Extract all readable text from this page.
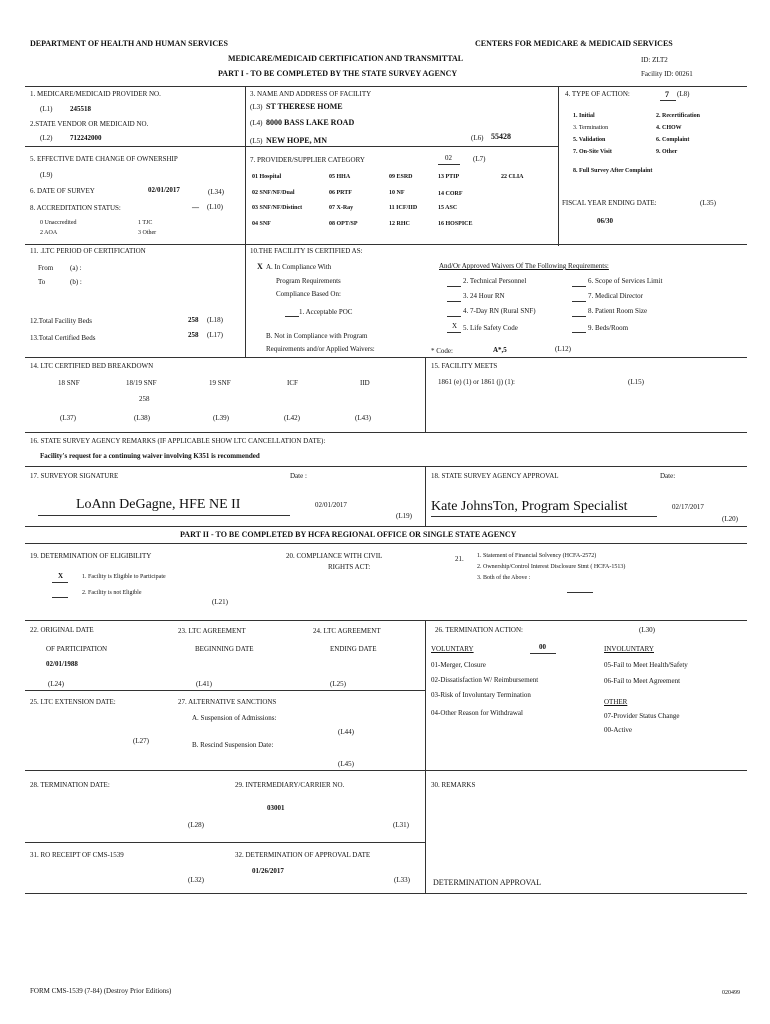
DEPARTMENT OF HEALTH AND HUMAN SERVICES	CENTERS FOR MEDICARE & MEDICAID SERVICES
MEDICARE/MEDICAID CERTIFICATION AND TRANSMITTAL
PART I - TO BE COMPLETED BY THE STATE SURVEY AGENCY
ID: ZLT2
Facility ID: 00261
1. MEDICARE/MEDICAID PROVIDER NO.
(L1)	245518
2.STATE VENDOR OR MEDICAID NO.
(L2)	712242000
3. NAME AND ADDRESS OF FACILITY
(L3) ST THERESE HOME
(L4) 8000 BASS LAKE ROAD
(L5) NEW HOPE, MN	(L6) 55428
4. TYPE OF ACTION:	7 (L8)
1. Initial	2. Recertification
3. Termination	4. CHOW
5. Validation	6. Complaint
7. On-Site Visit	9. Other
8. Full Survey After Complaint
5. EFFECTIVE DATE CHANGE OF OWNERSHIP
(L9)
6. DATE OF SURVEY	02/01/2017	(L34)
8. ACCREDITATION STATUS:	__ (L10)
0 Unaccredited	1 TJC
2 AOA	3 Other
7. PROVIDER/SUPPLIER CATEGORY	02	(L7)
01 Hospital	05 HHA	09 ESRD	13 PTIP	22 CLIA
02 SNF/NF/Dual	06 PRTF	10 NF	14 CORF
03 SNF/NF/Distinct	07 X-Ray	11 ICF/IID	15 ASC
04 SNF	08 OPT/SP	12 RHC	16 HOSPICE
FISCAL YEAR ENDING DATE:	(L35)
06/30
11. .LTC PERIOD OF CERTIFICATION
From (a) :
To	(b) :
12.Total Facility Beds	258 (L18)
13.Total Certified Beds	258 (L17)
10.THE FACILITY IS CERTIFIED AS:
X A. In Compliance With
Program Requirements
Compliance Based On:
1. Acceptable POC
B. Not in Compliance with Program
Requirements and/or Applied Waivers:
And/Or Approved Waivers Of The Following Requirements:
2. Technical Personnel
3. 24 Hour RN
4. 7-Day RN (Rural SNF)
X 5. Life Safety Code
6. Scope of Services Limit
7. Medical Director
8. Patient Room Size
9. Beds/Room
* Code:	A*,5	(L12)
14. LTC CERTIFIED BED BREAKDOWN
18 SNF	18/19 SNF	19 SNF	ICF	IID
258
(L37)	(L38)	(L39)	(L42)	(L43)
15. FACILITY MEETS
1861 (e) (1) or 1861 (j) (1):	(L15)
16. STATE SURVEY AGENCY REMARKS (IF APPLICABLE SHOW LTC CANCELLATION DATE):
Facility's request for a continuing waiver involving K351 is recommended
17. SURVEYOR SIGNATURE	Date :
LoAnn DeGagne, HFE NE II	02/01/2017
(L19)
18. STATE SURVEY AGENCY APPROVAL	Date:
Kate JohnsTon, Program Specialist	02/17/2017
(L20)
PART II - TO BE COMPLETED BY HCFA REGIONAL OFFICE OR SINGLE STATE AGENCY
19. DETERMINATION OF ELIGIBILITY
X	1. Facility is Eligible to Participate
2. Facility is not Eligible
(L21)
20. COMPLIANCE WITH CIVIL
RIGHTS ACT:
21. 1. Statement of Financial Solvency (HCFA-2572)
2. Ownership/Control Interest Disclosure Stmt ( HCFA-1513)
3. Both of the Above :
22. ORIGINAL DATE
OF PARTICIPATION
02/01/1988
(L24)
23. LTC AGREEMENT
BEGINNING DATE
(L41)
24. LTC AGREEMENT
ENDING DATE
(L25)
26. TERMINATION ACTION:	(L30)
VOLUNTARY	00	INVOLUNTARY
01-Merger, Closure
02-Dissatisfaction W/ Reimbursement
03-Risk of Involuntary Termination
04-Other Reason for Withdrawal
05-Fail to Meet Health/Safety
06-Fail to Meet Agreement
OTHER
07-Provider Status Change
00-Active
25. LTC EXTENSION DATE:
(L27)
27. ALTERNATIVE SANCTIONS
A. Suspension of Admissions:
(L44)
B. Rescind Suspension Date:
(L45)
28. TERMINATION DATE:	29. INTERMEDIARY/CARRIER NO.
03001
(L28)	(L31)
30. REMARKS
31. RO RECEIPT OF CMS-1539
(L32)
32. DETERMINATION OF APPROVAL DATE
01/26/2017
(L33)	DETERMINATION APPROVAL
FORM CMS-1539 (7-84) (Destroy Prior Editions)	020499
